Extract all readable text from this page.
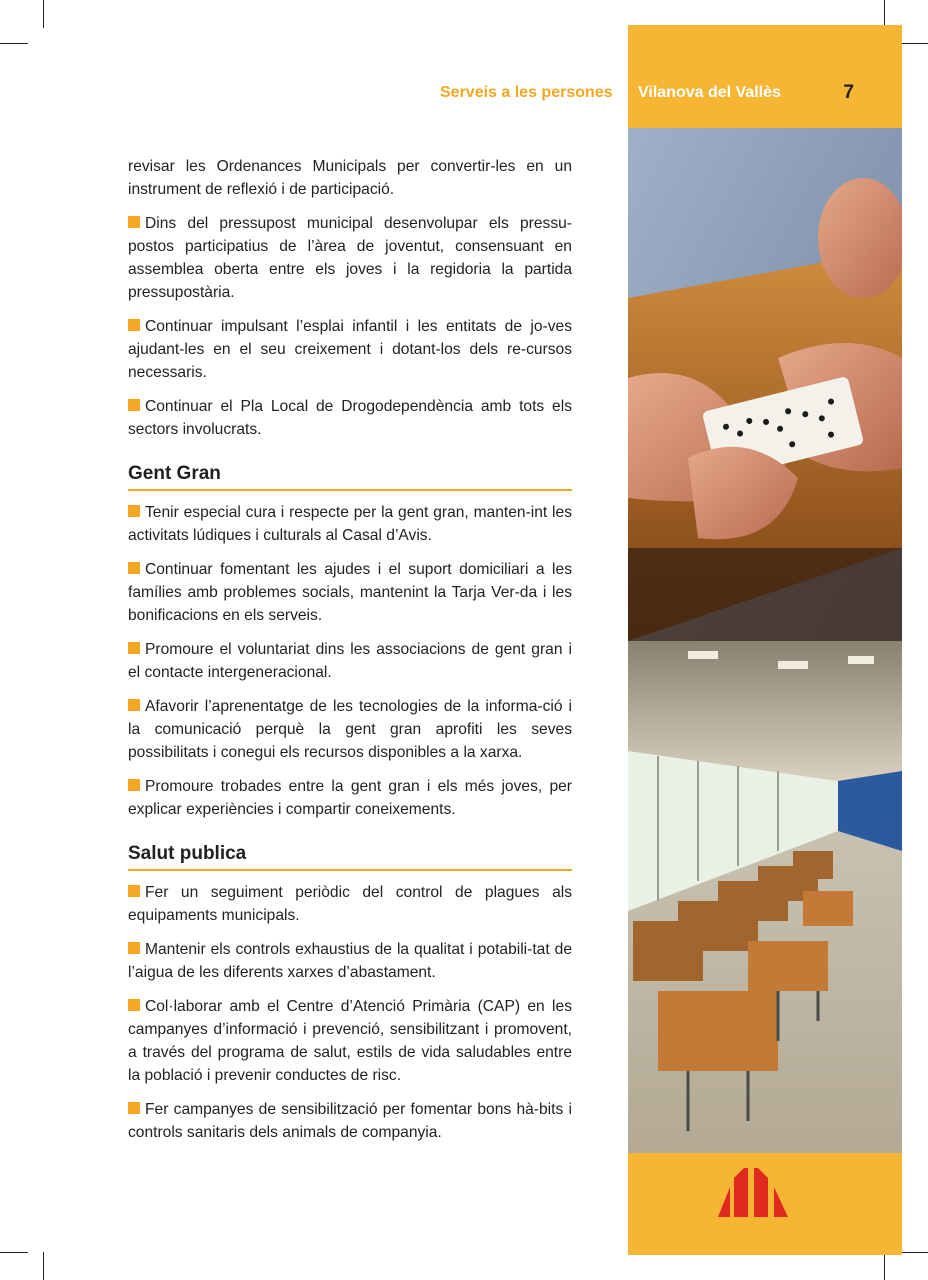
Serveis a les persones Vilanova del Vallès	7

revisar les Ordenances Municipals per convertir-les en un instrument de reflexió i de participació.

Dins del pressupost municipal desenvolupar els pressu-postos participatius de l’àrea de joventut, consensuant en assemblea oberta entre els joves i la regidoria la partida pressupostària.

Continuar impulsant l’esplai infantil i les entitats de jo-ves ajudant-les en el seu creixement i dotant-los dels re-cursos necessaris.

Continuar el Pla Local de Drogodependència amb tots els sectors involucrats.

Gent Gran

Tenir especial cura i respecte per la gent gran, manten-int les activitats lúdiques i culturals al Casal d’Avis.

Continuar fomentant les ajudes i el suport domiciliari a les famílies amb problemes socials, mantenint la Tarja Ver-da i les bonificacions en els serveis.

Promoure el voluntariat dins les associacions de gent gran i el contacte intergeneracional.

Afavorir l’aprenentatge de les tecnologies de la informa-ció i la comunicació perquè la gent gran aprofiti les seves possibilitats i conegui els recursos disponibles a la xarxa.

Promoure trobades entre la gent gran i els més joves, per explicar experiències i compartir coneixements.

Salut publica

Fer un seguiment periòdic del control de plagues als equipaments municipals.

Mantenir els controls exhaustius de la qualitat i potabili-tat de l’aigua de les diferents xarxes d’abastament.

Col·laborar amb el Centre d’Atenció Primària (CAP) en les campanyes d’informació i prevenció, sensibilitzant i promovent, a través del programa de salut, estils de vida saludables entre la població i prevenir conductes de risc.

Fer campanyes de sensibilització per fomentar bons hà-bits i controls sanitaris dels animals de companyia.
